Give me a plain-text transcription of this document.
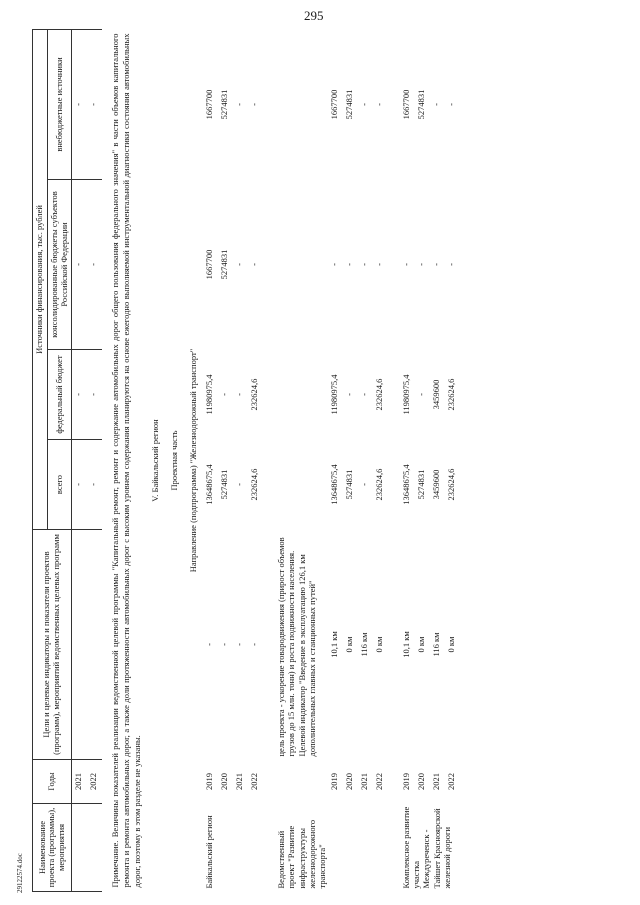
295
29122574.doc Наименование проекта (программы), мероприятия	Годы	Цели и целевые индикаторы и показатели проектов (программ), мероприятий ведомственных целевых программ	Источники финансирования, тыс. рублей			
			всего	федеральный бюджет	консолидированные бюджеты субъектов Российской Федерации	внебюджетные источники
	2021		-	-	-	-
	2022		-	-	-	-
Примечание. Величины показателей реализации ведомственной целевой программы "Капитальный ремонт, ремонт и содержание автомобильных дорог общего пользования федерального значения" в части объемов капитального ремонта и ремонта автомобильных дорог, а также доли протяженности автомобильных дорог с высоким уровнем содержания планируются на основе ежегодно выполняемой инструментальной диагностики состояния автомобильных дорог, поэтому в этом разделе не указаны.						
V. Байкальский регион						
Проектная часть						
Направление (подпрограмма) "Железнодорожный транспорт"						
Байкальский регион	2019	-	13648675,4	11980975,4	1667700	1667700
	2020	-	5274831	-	5274831	5274831
	2021	-	-	-	-	-
	2022	-	232624,6	232624,6	-	-

Ведомственный проект "Развитие инфраструктуры железнодорожного транспорта"		цель проекта - ускорение товародвижения (прирост объемов грузов до 15 млн. тонн) и роста подвижности населения. Целевой индикатор "Введение в эксплуатацию 126,1 км дополнительных главных и станционных путей"				
	2019	10,1 км	13648675,4	11980975,4	-	1667700
	2020	0 км	5274831	-	-	5274831
	2021	116 км	-	-	-	-
	2022	0 км	232624,6	232624,6	-	-

Комплексное развитие участка Междуреченск - Тайшет Красноярской железной дороги	2019	10,1 км	13648675,4	11980975,4	-	1667700
	2020	0 км	5274831	-	-	5274831
	2021	116 км	3459600	3459600	-	-
	2022	0 км	232624,6	232624,6	-	-
